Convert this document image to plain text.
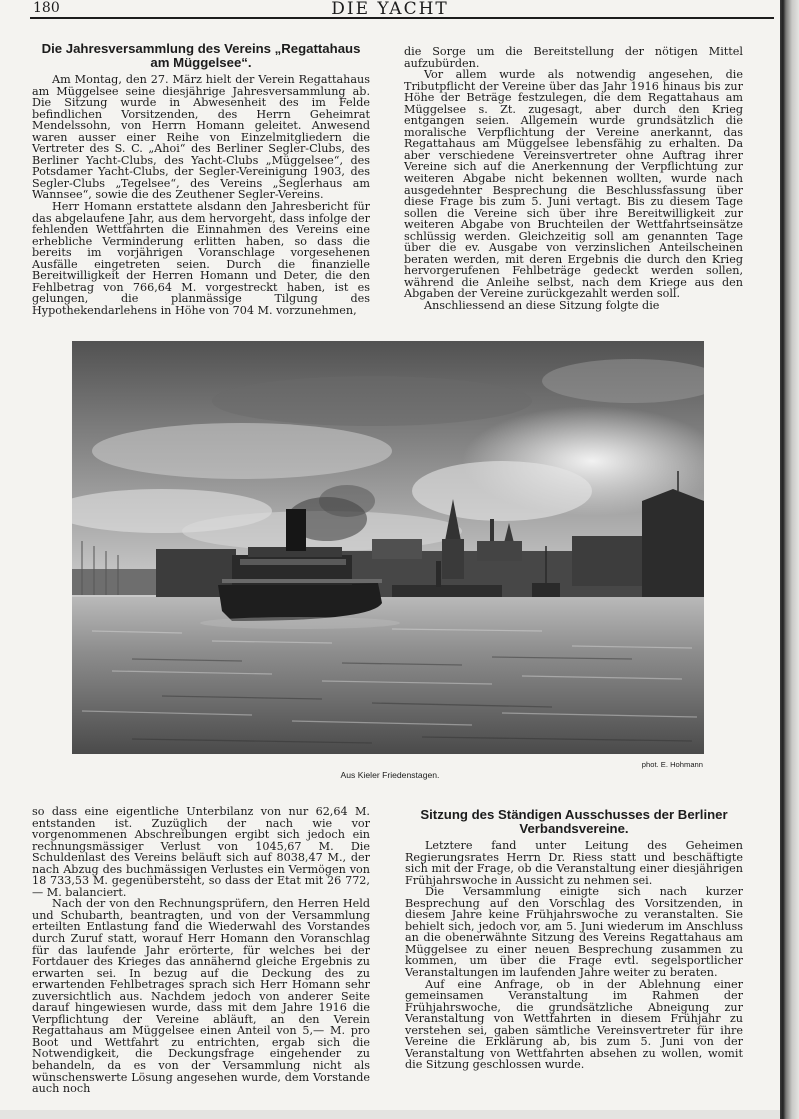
180	DIE YACHT
Die Jahresversammlung des Vereins „Regattahaus am Müggelsee“.

Am Montag, den 27. März hielt der Verein Regattahaus am Müggelsee seine diesjährige Jahresversammlung ab. Die Sitzung wurde in Abwesenheit des im Felde befindlichen Vorsitzenden, des Herrn Geheimrat Mendelssohn, von Herrn Homann geleitet. Anwesend waren ausser einer Reihe von Einzelmitgliedern die Vertreter des S. C. „Ahoi“ des Berliner Segler-Clubs, des Berliner Yacht-Clubs, des Yacht-Clubs „Müggelsee“, des Potsdamer Yacht-Clubs, der Segler-Vereinigung 1903, des Segler-Clubs „Tegelsee“, des Vereins „Seglerhaus am Wannsee“, sowie die des Zeuthener Segler-Vereins.

Herr Homann erstattete alsdann den Jahresbericht für das abgelaufene Jahr, aus dem hervorgeht, dass infolge der fehlenden Wettfahrten die Einnahmen des Vereins eine erhebliche Verminderung erlitten haben, so dass die bereits im vorjährigen Voranschlage vorgesehenen Ausfälle eingetreten seien. Durch die finanzielle Bereitwilligkeit der Herren Homann und Deter, die den Fehlbetrag von 766,64 M. vorgestreckt haben, ist es gelungen, die planmässige Tilgung des Hypothekendarlehens in Höhe von 704 M. vorzunehmen,

die Sorge um die Bereitstellung der nötigen Mittel aufzubürden.

Vor allem wurde als notwendig angesehen, die Tributpflicht der Vereine über das Jahr 1916 hinaus bis zur Höhe der Beträge festzulegen, die dem Regattahaus am Müggelsee s. Zt. zugesagt, aber durch den Krieg entgangen seien. Allgemein wurde grundsätzlich die moralische Verpflichtung der Vereine anerkannt, das Regattahaus am Müggelsee lebensfähig zu erhalten. Da aber verschiedene Vereinsvertreter ohne Auftrag ihrer Vereine sich auf die Anerkennung der Verpflichtung zur weiteren Abgabe nicht bekennen wollten, wurde nach ausgedehnter Besprechung die Beschlussfassung über diese Frage bis zum 5. Juni vertagt. Bis zu diesem Tage sollen die Vereine sich über ihre Bereitwilligkeit zur weiteren Abgabe von Bruchteilen der Wettfahrtseinsätze schlüssig werden. Gleichzeitig soll am genannten Tage über die ev. Ausgabe von verzinslichen Anteilscheinen beraten werden, mit deren Ergebnis die durch den Krieg hervorgerufenen Fehlbeträge gedeckt werden sollen, während die Anleihe selbst, nach dem Kriege aus den Abgaben der Vereine zurückgezahlt werden soll.

Anschliessend an diese Sitzung folgte die

phot. E. Hohmann
Aus Kieler Friedenstagen.

so dass eine eigentliche Unterbilanz von nur 62,64 M. entstanden ist. Zuzüglich der nach wie vor vorgenommenen Abschreibungen ergibt sich jedoch ein rechnungsmässiger Verlust von 1045,67 M. Die Schuldenlast des Vereins beläuft sich auf 8038,47 M., der nach Abzug des buchmässigen Verlustes ein Vermögen von 18 733,53 M. gegenübersteht, so dass der Etat mit 26 772,— M. balanciert.

Nach der von den Rechnungsprüfern, den Herren Held und Schubarth, beantragten, und von der Versammlung erteilten Entlastung fand die Wiederwahl des Vorstandes durch Zuruf statt, worauf Herr Homann den Voranschlag für das laufende Jahr erörterte, für welches bei der Fortdauer des Krieges das annähernd gleiche Ergebnis zu erwarten sei. In bezug auf die Deckung des zu erwartenden Fehlbetrages sprach sich Herr Homann sehr zuversichtlich aus. Nachdem jedoch von anderer Seite darauf hingewiesen wurde, dass mit dem Jahre 1916 die Verpflichtung der Vereine abläuft, an den Verein Regattahaus am Müggelsee einen Anteil von 5,— M. pro Boot und Wettfahrt zu entrichten, ergab sich die Notwendigkeit, die Deckungsfrage eingehender zu behandeln, da es von der Versammlung nicht als wünschenswerte Lösung angesehen wurde, dem Vorstande auch noch

Sitzung des Ständigen Ausschusses der Berliner Verbandsvereine.

Letztere fand unter Leitung des Geheimen Regierungsrates Herrn Dr. Riess statt und beschäftigte sich mit der Frage, ob die Veranstaltung einer diesjährigen Frühjahrswoche in Aussicht zu nehmen sei.

Die Versammlung einigte sich nach kurzer Besprechung auf den Vorschlag des Vorsitzenden, in diesem Jahre keine Frühjahrswoche zu veranstalten. Sie behielt sich, jedoch vor, am 5. Juni wiederum im Anschluss an die obenerwähnte Sitzung des Vereins Regattahaus am Müggelsee zu einer neuen Besprechung zusammen zu kommen, um über die Frage evtl. segelsportlicher Veranstaltungen im laufenden Jahre weiter zu beraten.

Auf eine Anfrage, ob in der Ablehnung einer gemeinsamen Veranstaltung im Rahmen der Frühjahrswoche, die grundsätzliche Abneigung zur Veranstaltung von Wettfahrten in diesem Frühjahr zu verstehen sei, gaben sämtliche Vereinsvertreter für ihre Vereine die Erklärung ab, bis zum 5. Juni von der Veranstaltung von Wettfahrten absehen zu wollen, womit die Sitzung geschlossen wurde.
